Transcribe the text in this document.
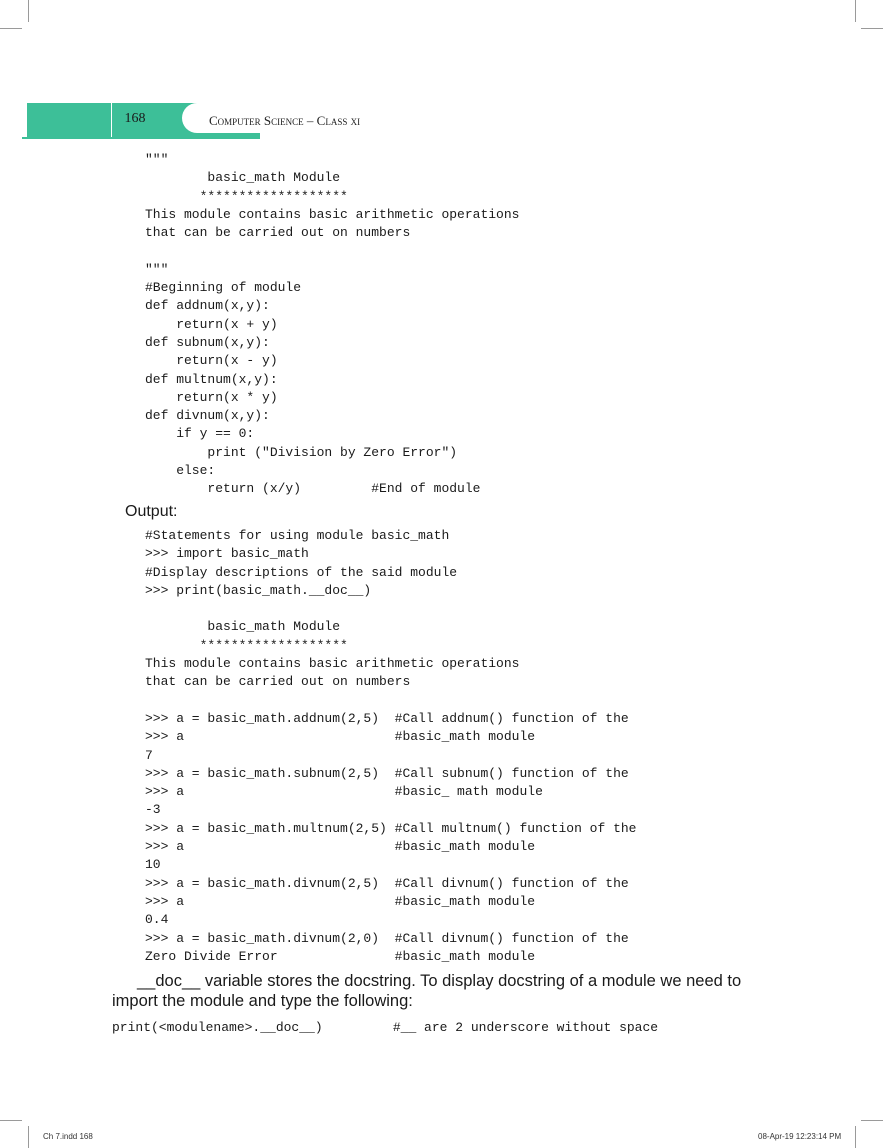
168	Computer Science – Class xi
"""
basic_math Module
*******************
This module contains basic arithmetic operations
that can be carried out on numbers

"""
#Beginning of module
def addnum(x,y):
return(x + y)
def subnum(x,y):
return(x - y)
def multnum(x,y):
return(x * y)
def divnum(x,y):
if y == 0:
print ("Division by Zero Error")
else:
return (x/y)         #End of module
Output:
#Statements for using module basic_math
>>> import basic_math
#Display descriptions of the said module
>>> print(basic_math.__doc__)

basic_math Module
*******************
This module contains basic arithmetic operations
that can be carried out on numbers

>>> a = basic_math.addnum(2,5)  #Call addnum() function of the
>>> a                           #basic_math module
7
>>> a = basic_math.subnum(2,5)  #Call subnum() function of the
>>> a                           #basic_ math module
-3
>>> a = basic_math.multnum(2,5) #Call multnum() function of the
>>> a                           #basic_math module
10
>>> a = basic_math.divnum(2,5)  #Call divnum() function of the
>>> a                           #basic_math module
0.4
>>> a = basic_math.divnum(2,0)  #Call divnum() function of the
Zero Divide Error               #basic_math module
__doc__ variable stores the docstring. To display docstring of a module we need to import the module and type the following:
print(<modulename>.__doc__)         #__ are 2 underscore without space
Ch 7.indd 168	08-Apr-19 12:23:14 PM
